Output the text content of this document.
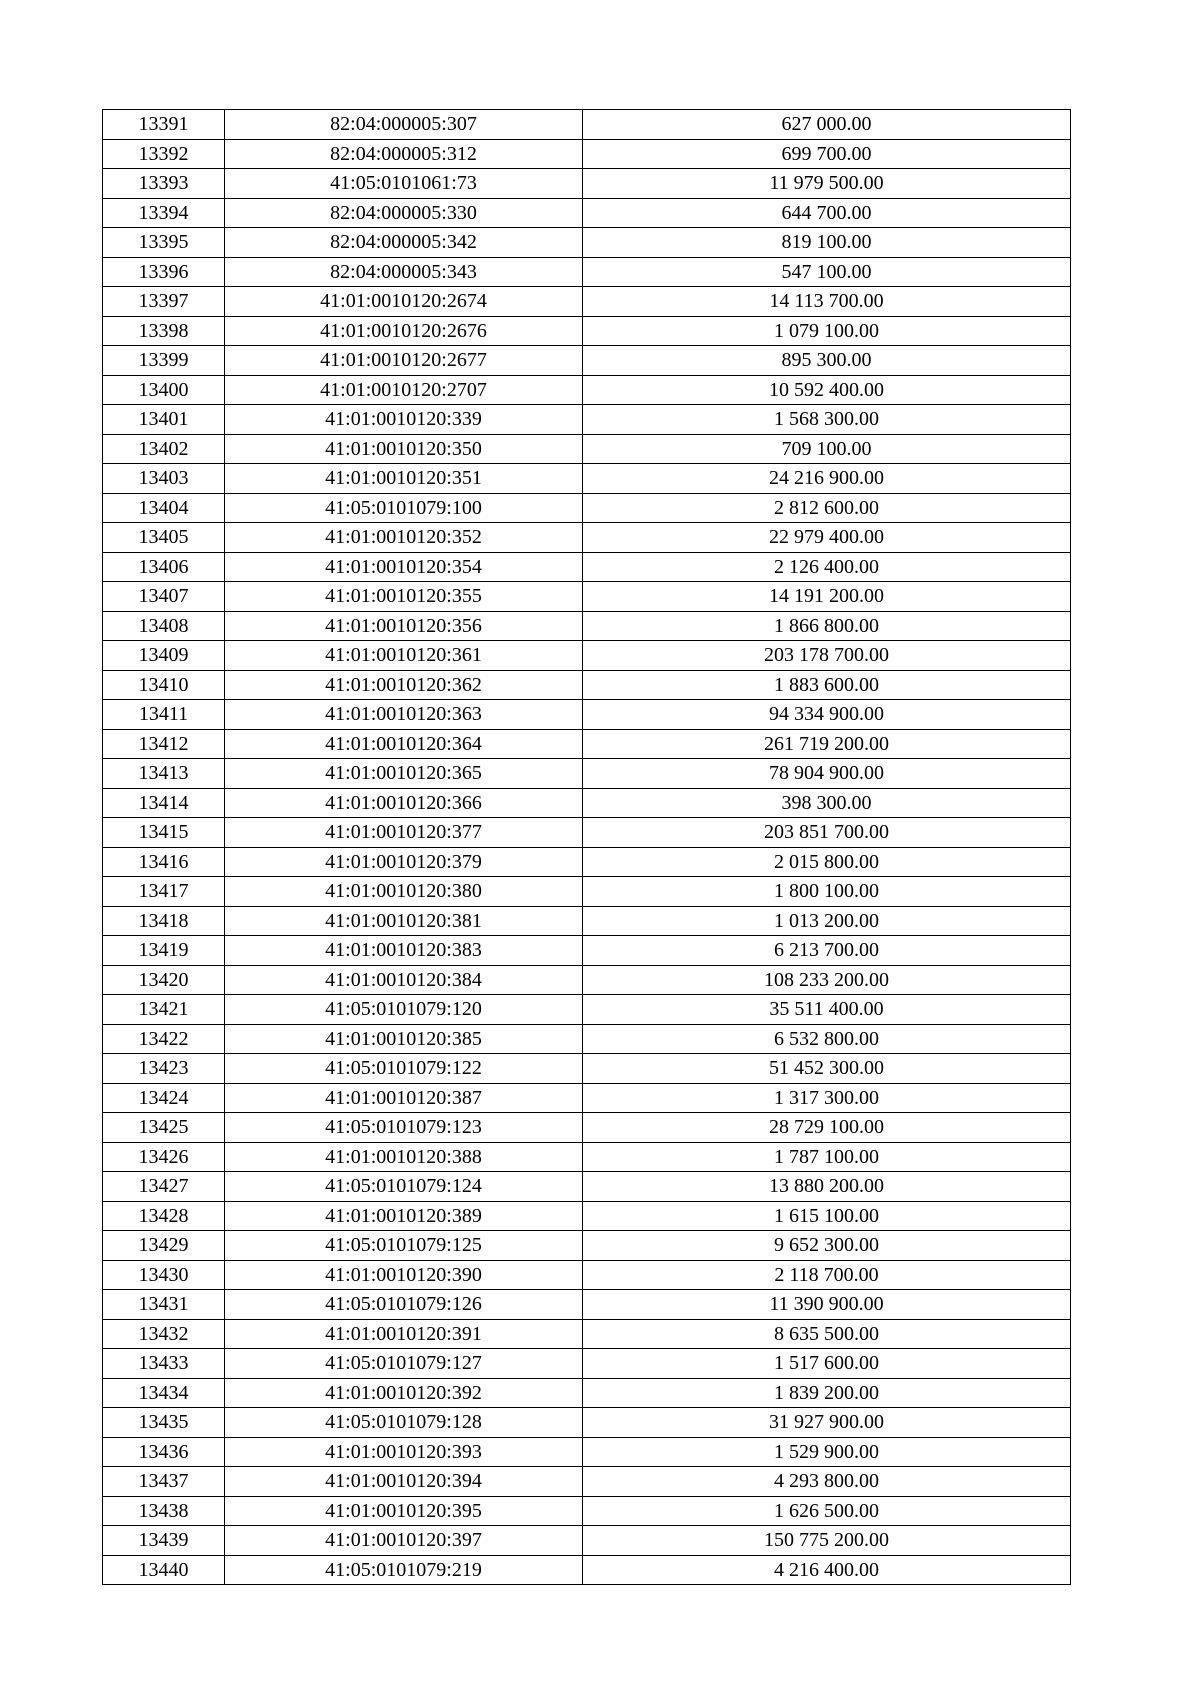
13391	82:04:000005:307	627 000.00
13392	82:04:000005:312	699 700.00
13393	41:05:0101061:73	11 979 500.00
13394	82:04:000005:330	644 700.00
13395	82:04:000005:342	819 100.00
13396	82:04:000005:343	547 100.00
13397	41:01:0010120:2674	14 113 700.00
13398	41:01:0010120:2676	1 079 100.00
13399	41:01:0010120:2677	895 300.00
13400	41:01:0010120:2707	10 592 400.00
13401	41:01:0010120:339	1 568 300.00
13402	41:01:0010120:350	709 100.00
13403	41:01:0010120:351	24 216 900.00
13404	41:05:0101079:100	2 812 600.00
13405	41:01:0010120:352	22 979 400.00
13406	41:01:0010120:354	2 126 400.00
13407	41:01:0010120:355	14 191 200.00
13408	41:01:0010120:356	1 866 800.00
13409	41:01:0010120:361	203 178 700.00
13410	41:01:0010120:362	1 883 600.00
13411	41:01:0010120:363	94 334 900.00
13412	41:01:0010120:364	261 719 200.00
13413	41:01:0010120:365	78 904 900.00
13414	41:01:0010120:366	398 300.00
13415	41:01:0010120:377	203 851 700.00
13416	41:01:0010120:379	2 015 800.00
13417	41:01:0010120:380	1 800 100.00
13418	41:01:0010120:381	1 013 200.00
13419	41:01:0010120:383	6 213 700.00
13420	41:01:0010120:384	108 233 200.00
13421	41:05:0101079:120	35 511 400.00
13422	41:01:0010120:385	6 532 800.00
13423	41:05:0101079:122	51 452 300.00
13424	41:01:0010120:387	1 317 300.00
13425	41:05:0101079:123	28 729 100.00
13426	41:01:0010120:388	1 787 100.00
13427	41:05:0101079:124	13 880 200.00
13428	41:01:0010120:389	1 615 100.00
13429	41:05:0101079:125	9 652 300.00
13430	41:01:0010120:390	2 118 700.00
13431	41:05:0101079:126	11 390 900.00
13432	41:01:0010120:391	8 635 500.00
13433	41:05:0101079:127	1 517 600.00
13434	41:01:0010120:392	1 839 200.00
13435	41:05:0101079:128	31 927 900.00
13436	41:01:0010120:393	1 529 900.00
13437	41:01:0010120:394	4 293 800.00
13438	41:01:0010120:395	1 626 500.00
13439	41:01:0010120:397	150 775 200.00
13440	41:05:0101079:219	4 216 400.00
